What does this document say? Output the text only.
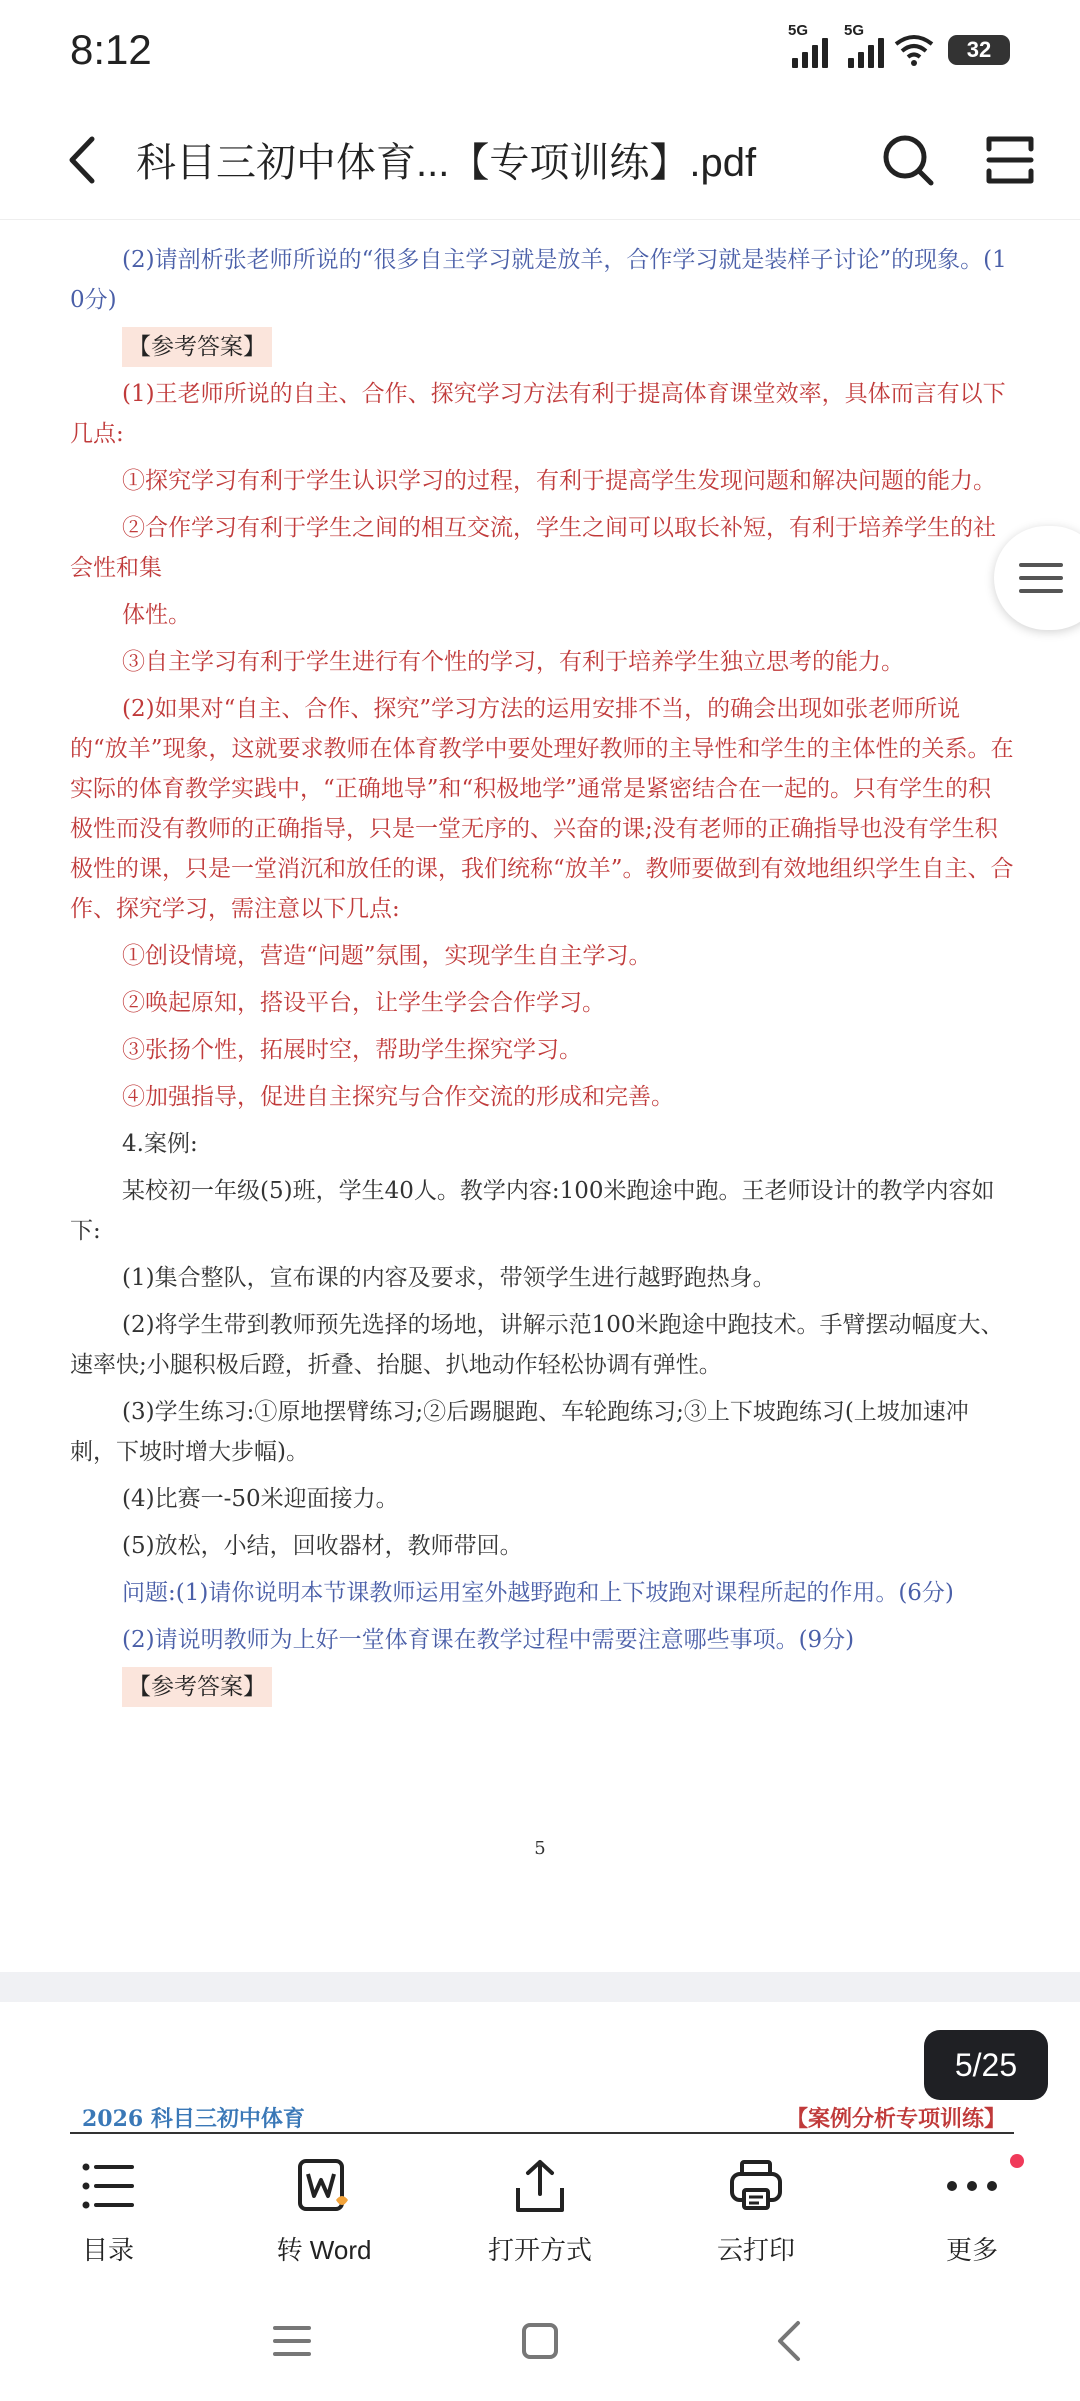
8:12	5G 5G
32
科目三初中体育...【专项训练】.pdf

(2)请剖析张老师所说的“很多自主学习就是放羊，合作学习就是装样子讨论”的现象。(10分)

【参考答案】

(1)王老师所说的自主、合作、探究学习方法有利于提高体育课堂效率，具体而言有以下几点:

①探究学习有利于学生认识学习的过程，有利于提高学生发现问题和解决问题的能力。

②合作学习有利于学生之间的相互交流，学生之间可以取长补短，有利于培养学生的社会性和集

体性。

③自主学习有利于学生进行有个性的学习，有利于培养学生独立思考的能力。

(2)如果对“自主、合作、探究”学习方法的运用安排不当，的确会出现如张老师所说的“放羊”现象，这就要求教师在体育教学中要处理好教师的主导性和学生的主体性的关系。在实际的体育教学实践中，“正确地导”和“积极地学”通常是紧密结合在一起的。只有学生的积极性而没有教师的正确指导，只是一堂无序的、兴奋的课;没有老师的正确指导也没有学生积极性的课，只是一堂消沉和放任的课，我们统称“放羊”。教师要做到有效地组织学生自主、合作、探究学习，需注意以下几点:

①创设情境，营造“问题”氛围，实现学生自主学习。

②唤起原知，搭设平台，让学生学会合作学习。

③张扬个性，拓展时空，帮助学生探究学习。

④加强指导，促进自主探究与合作交流的形成和完善。

4.案例:

某校初一年级(5)班，学生40人。教学内容:100米跑途中跑。王老师设计的教学内容如下:

(1)集合整队，宣布课的内容及要求，带领学生进行越野跑热身。

(2)将学生带到教师预先选择的场地，讲解示范100米跑途中跑技术。手臂摆动幅度大、速率快;小腿积极后蹬，折叠、抬腿、扒地动作轻松协调有弹性。

(3)学生练习:①原地摆臂练习;②后踢腿跑、车轮跑练习;③上下坡跑练习(上坡加速冲刺，下坡时增大步幅)。

(4)比赛一-50米迎面接力。

(5)放松，小结，回收器材，教师带回。

问题:(1)请你说明本节课教师运用室外越野跑和上下坡跑对课程所起的作用。(6分)

(2)请说明教师为上好一堂体育课在教学过程中需要注意哪些事项。(9分)

【参考答案】
5
2026 科目三初中体育	【案例分析专项训练】
5/25
目录	转 Word	打开方式	云打印	更多
